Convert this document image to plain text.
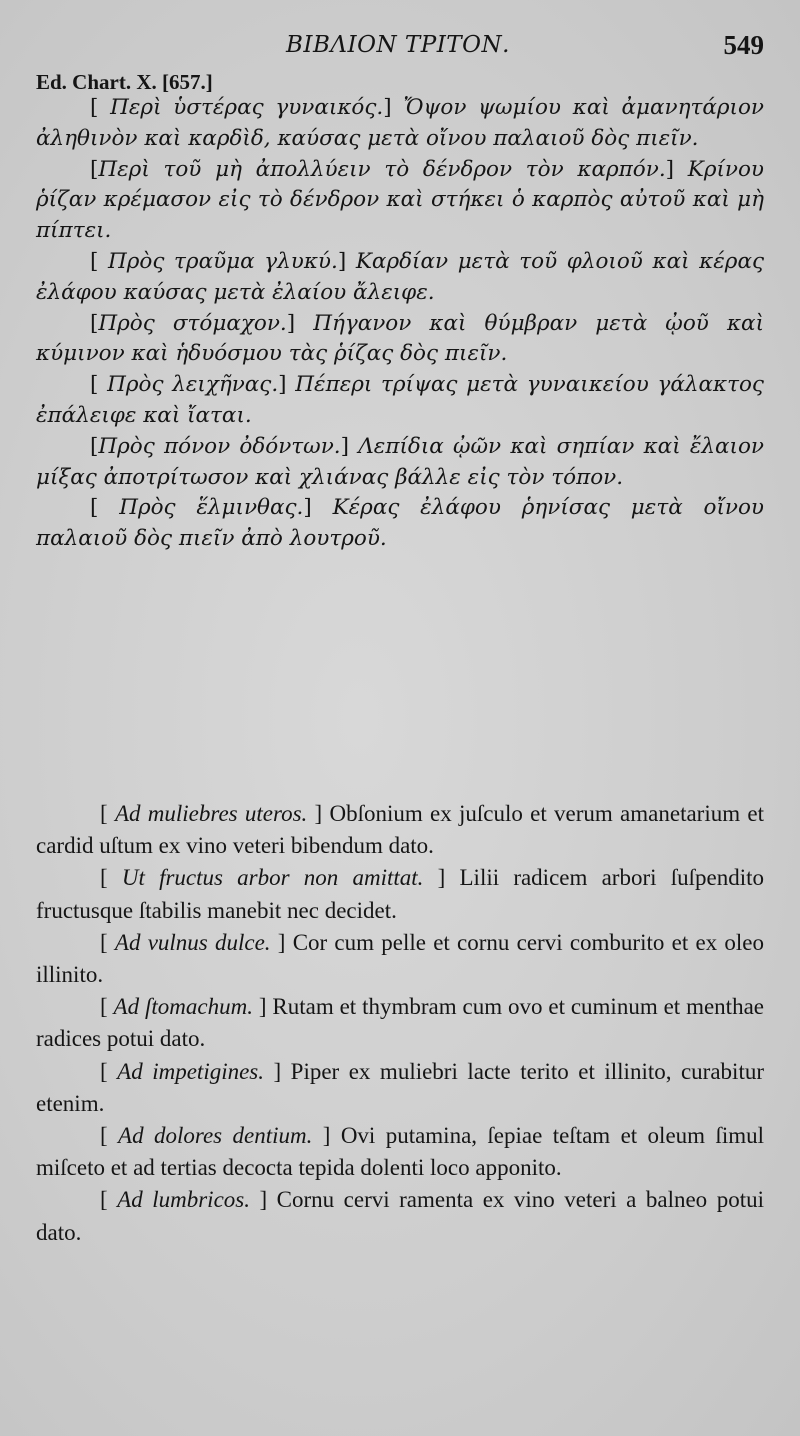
BIBΛΙΟΝ ΤΡΙΤΟΝ.	549
Ed. Chart. X. [657.]

[ Περὶ ὑστέρας γυναικός.] Ὄψον ψωμίου καὶ ἀμανητάριον ἀληθινὸν καὶ καρδὶδ, καύσας μετὰ οἴνου παλαιοῦ δὸς πιεῖν.

[Περὶ τοῦ μὴ ἀπολλύειν τὸ δένδρον τὸν καρπόν.] Κρίνου ῥίζαν κρέμασον εἰς τὸ δένδρον καὶ στήκει ὁ καρπὸς αὐτοῦ καὶ μὴ πίπτει.

[ Πρὸς τραῦμα γλυκύ.] Καρδίαν μετὰ τοῦ φλοιοῦ καὶ κέρας ἐλάφου καύσας μετὰ ἐλαίου ἄλειφε.

[Πρὸς στόμαχον.] Πήγανον καὶ θύμβραν μετὰ ᾠοῦ καὶ κύμινον καὶ ἡδυόσμου τὰς ῥίζας δὸς πιεῖν.

[ Πρὸς λειχῆνας.] Πέπερι τρίψας μετὰ γυναικείου γάλακτος ἐπάλειφε καὶ ἴαται.

[Πρὸς πόνον ὀδόντων.] Λεπίδια ᾠῶν καὶ σηπίαν καὶ ἔλαιον μίξας ἀποτρίτωσον καὶ χλιάνας βάλλε εἰς τὸν τόπον.

[ Πρὸς ἕλμινθας.] Κέρας ἐλάφου ῥηνίσας μετὰ οἴνου παλαιοῦ δὸς πιεῖν ἀπὸ λουτροῦ.

[ Ad muliebres uteros. ] Obſonium ex juſculo et verum amanetarium et cardid uſtum ex vino veteri bibendum dato.

[ Ut fructus arbor non amittat. ] Lilii radicem arbori ſuſpendito fructusque ſtabilis manebit nec decidet.

[ Ad vulnus dulce. ] Cor cum pelle et cornu cervi comburito et ex oleo illinito.

[ Ad ſtomachum. ] Rutam et thymbram cum ovo et cuminum et menthae radices potui dato.

[ Ad impetigines. ] Piper ex muliebri lacte terito et illinito, curabitur etenim.

[ Ad dolores dentium. ] Ovi putamina, ſepiae teſtam et oleum ſimul miſceto et ad tertias decocta tepida dolenti loco apponito.

[ Ad lumbricos. ] Cornu cervi ramenta ex vino veteri a balneo potui dato.
